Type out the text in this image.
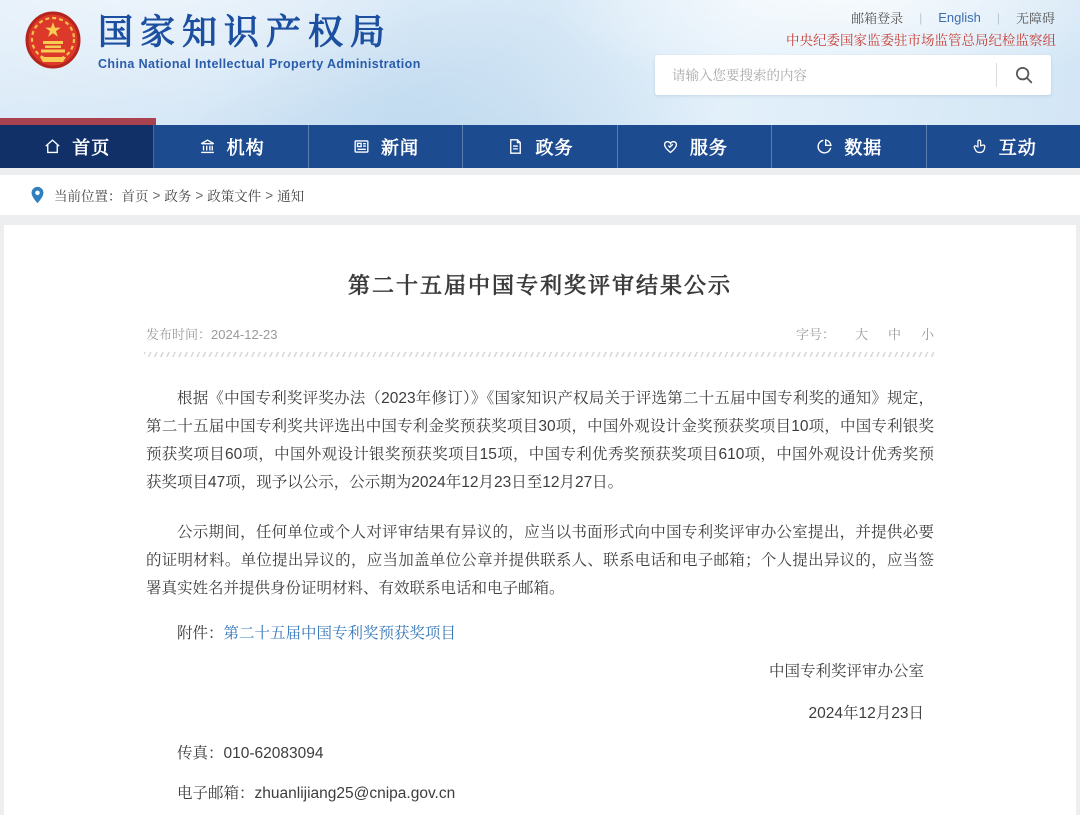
国家知识产权局
China National Intellectual Property Administration
邮箱登录 | English | 无障碍
中央纪委国家监委驻市场监管总局纪检监察组
请输入您要搜索的内容
首页	机构	新闻	政务	服务	数据	互动
当前位置： 首页 > 政务 > 政策文件 > 通知
第二十五届中国专利奖评审结果公示
发布时间：2024-12-23	字号： 大 中 小

根据《中国专利奖评奖办法（2023年修订）》《国家知识产权局关于评选第二十五届中国专利奖的通知》规定，第二十五届中国专利奖共评选出中国专利金奖预获奖项目30项，中国外观设计金奖预获奖项目10项，中国专利银奖预获奖项目60项，中国外观设计银奖预获奖项目15项，中国专利优秀奖预获奖项目610项，中国外观设计优秀奖预获奖项目47项，现予以公示，公示期为2024年12月23日至12月27日。

公示期间，任何单位或个人对评审结果有异议的，应当以书面形式向中国专利奖评审办公室提出，并提供必要的证明材料。单位提出异议的，应当加盖单位公章并提供联系人、联系电话和电子邮箱；个人提出异议的，应当签署真实姓名并提供身份证明材料、有效联系电话和电子邮箱。

附件：第二十五届中国专利奖预获奖项目
中国专利奖评审办公室
2024年12月23日
传真：010-62083094
电子邮箱：zhuanlijiang25@cnipa.gov.cn
